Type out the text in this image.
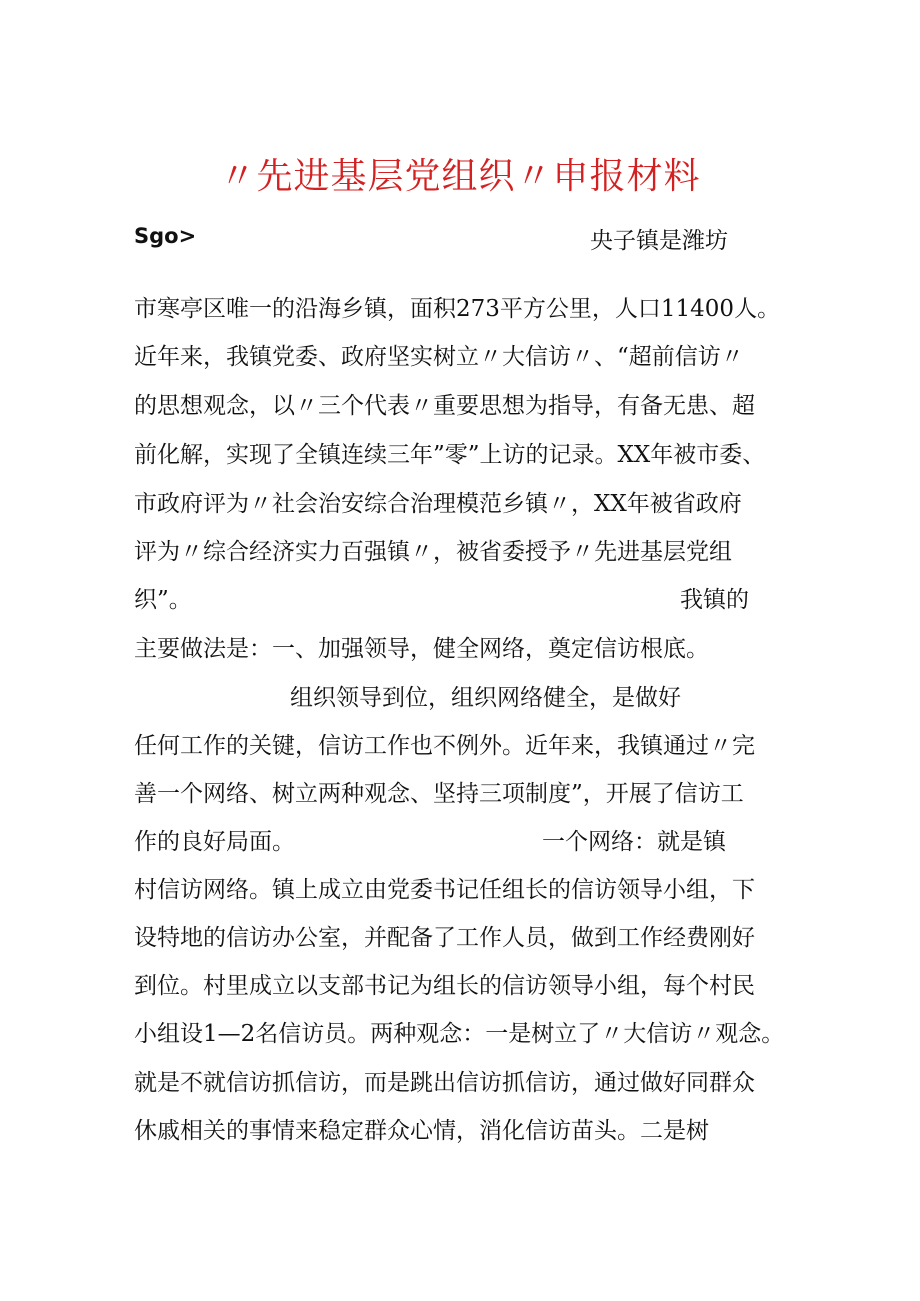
〃先进基层党组织〃申报材料
Sgo>	央子镇是潍坊
市寒亭区唯一的沿海乡镇，面积273平方公里，人口11400人。
近年来，我镇党委、政府坚实树立〃大信访〃、“超前信访〃
的思想观念，以〃三个代表〃重要思想为指导，有备无患、超
前化解，实现了全镇连续三年”零”上访的记录。XX年被市委、
市政府评为〃社会治安综合治理模范乡镇〃，XX年被省政府
评为〃综合经济实力百强镇〃，被省委授予〃先进基层党组
织”。	我镇的
主要做法是：一、加强领导，健全网络，奠定信访根底。
组织领导到位，组织网络健全，是做好
任何工作的关键，信访工作也不例外。近年来，我镇通过〃完
善一个网络、树立两种观念、坚持三项制度”，开展了信访工
作的良好局面。	一个网络：就是镇
村信访网络。镇上成立由党委书记任组长的信访领导小组，下
设特地的信访办公室，并配备了工作人员，做到工作经费刚好
到位。村里成立以支部书记为组长的信访领导小组，每个村民
小组设1—2名信访员。两种观念：一是树立了〃大信访〃观念。
就是不就信访抓信访，而是跳出信访抓信访，通过做好同群众
休戚相关的事情来稳定群众心情，消化信访苗头。二是树
